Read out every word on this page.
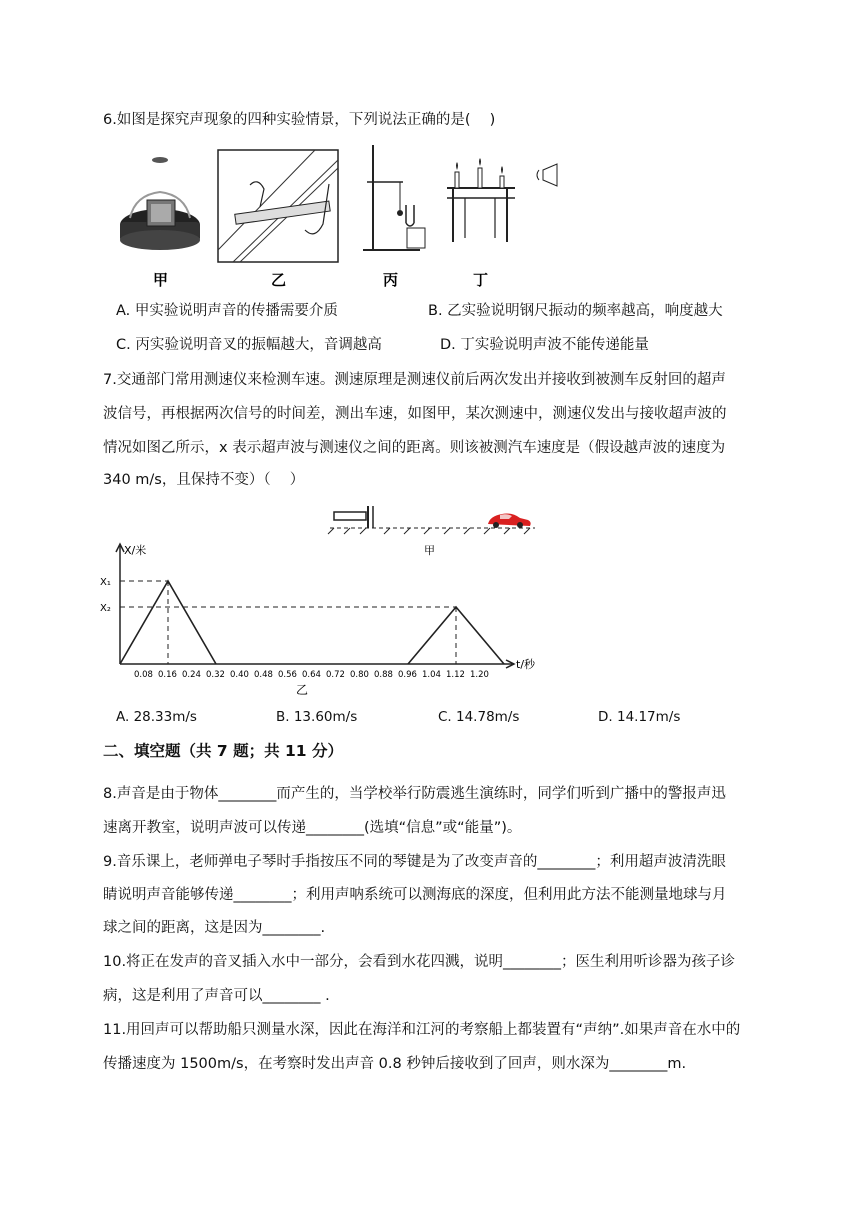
6.如图是探究声现象的四种实验情景，下列说法正确的是(　 )
甲	乙	丙	丁
A. 甲实验说明声音的传播需要介质	B. 乙实验说明钢尺振动的频率越高，响度越大
C. 丙实验说明音叉的振幅越大，音调越高	D. 丁实验说明声波不能传递能量
7.交通部门常用测速仪来检测车速。测速原理是测速仪前后两次发出并接收到被测车反射回的超声
波信号，再根据两次信号的时间差，测出车速，如图甲，某次测速中，测速仪发出与接收超声波的
情况如图乙所示，x 表示超声波与测速仪之间的距离。则该被测汽车速度是（假设越声波的速度为
340 m/s，且保持不变）（　 ）
甲
X/米
t/秒
X₁
X₂
0.08 0.16 0.24 0.32 0.40 0.48 0.56 0.64 0.72 0.80 0.88 0.96 1.04 1.12 1.20
乙
A. 28.33m/s	B. 13.60m/s	C. 14.78m/s	D. 14.17m/s
二、填空题（共 7 题；共 11 分）
8.声音是由于物体________而产生的，当学校举行防震逃生演练时，同学们听到广播中的警报声迅
速离开教室，说明声波可以传递________(选填“信息”或“能量”)。
9.音乐课上，老师弹电子琴时手指按压不同的琴键是为了改变声音的________；利用超声波清洗眼
睛说明声音能够传递________；利用声呐系统可以测海底的深度，但利用此方法不能测量地球与月
球之间的距离，这是因为________.
10.将正在发声的音叉插入水中一部分，会看到水花四溅，说明________；医生利用听诊器为孩子诊
病，这是利用了声音可以________ .
11.用回声可以帮助船只测量水深，因此在海洋和江河的考察船上都装置有“声纳”.如果声音在水中的
传播速度为 1500m/s，在考察时发出声音 0.8 秒钟后接收到了回声，则水深为________m.
